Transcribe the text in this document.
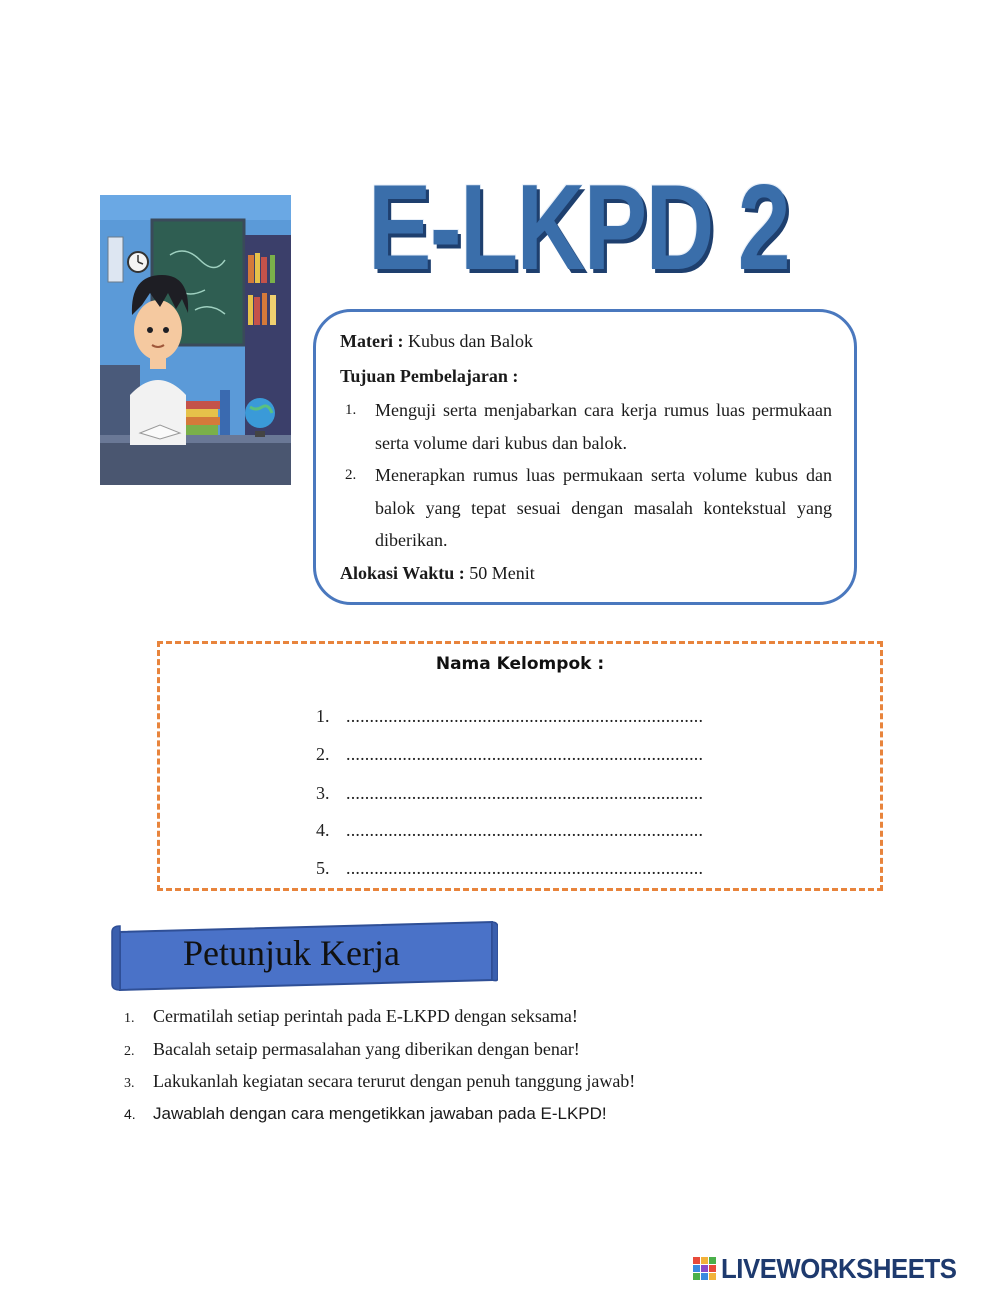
E-LKPD 2
Materi : Kubus dan Balok
Tujuan Pembelajaran :
1. Menguji serta menjabarkan cara kerja rumus luas permukaan serta volume dari kubus dan balok.
2. Menerapkan rumus luas permukaan serta volume kubus dan balok yang tepat sesuai dengan masalah kontekstual yang diberikan.
Alokasi Waktu : 50 Menit
Nama Kelompok :
1. ............................................................................
2. ............................................................................
3. ............................................................................
4. ............................................................................
5. ............................................................................
Petunjuk Kerja
1. Cermatilah setiap perintah pada E-LKPD dengan seksama!
2. Bacalah setaip permasalahan yang diberikan dengan benar!
3. Lakukanlah kegiatan secara terurut dengan penuh tanggung jawab!
4. Jawablah dengan cara mengetikkan jawaban pada E-LKPD!
LIVEWORKSHEETS
